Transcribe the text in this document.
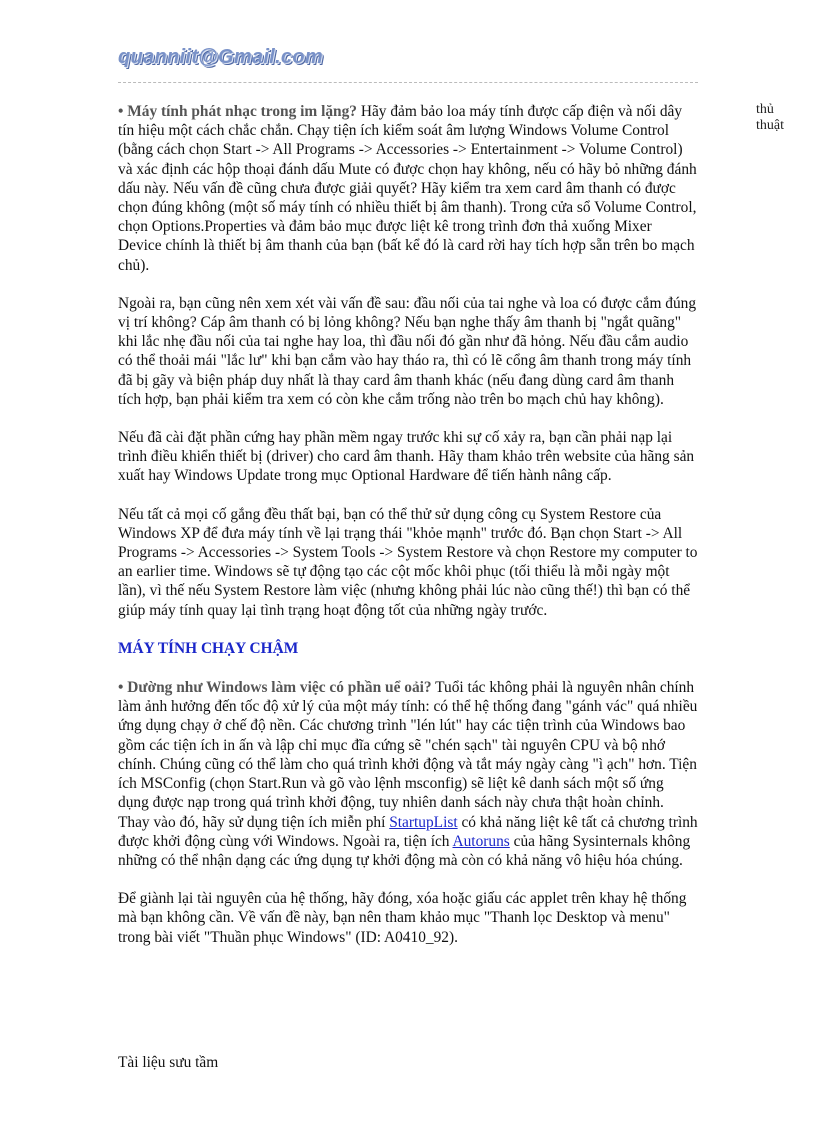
quanniit@Gmail.com
thủ thuật

• Máy tính phát nhạc trong im lặng? Hãy đảm bảo loa máy tính được cấp điện và nối dây tín hiệu một cách chắc chắn. Chạy tiện ích kiểm soát âm lượng Windows Volume Control (bằng cách chọn Start -> All Programs -> Accessories -> Entertainment -> Volume Control) và xác định các hộp thoại đánh dấu Mute có được chọn hay không, nếu có hãy bỏ những đánh dấu này. Nếu vấn đề cũng chưa được giải quyết? Hãy kiểm tra xem card âm thanh có được chọn đúng không (một số máy tính có nhiều thiết bị âm thanh). Trong cửa sổ Volume Control, chọn Options.Properties và đảm bảo mục được liệt kê trong trình đơn thả xuống Mixer Device chính là thiết bị âm thanh của bạn (bất kể đó là card rời hay tích hợp sẵn trên bo mạch chủ).

Ngoài ra, bạn cũng nên xem xét vài vấn đề sau: đầu nối của tai nghe và loa có được cắm đúng vị trí không? Cáp âm thanh có bị lỏng không? Nếu bạn nghe thấy âm thanh bị "ngắt quãng" khi lắc nhẹ đầu nối của tai nghe hay loa, thì đầu nối đó gần như đã hỏng. Nếu đầu cắm audio có thể thoải mái "lắc lư" khi bạn cắm vào hay tháo ra, thì có lẽ cổng âm thanh trong máy tính đã bị gãy và biện pháp duy nhất là thay card âm thanh khác (nếu đang dùng card âm thanh tích hợp, bạn phải kiểm tra xem có còn khe cắm trống nào trên bo mạch chủ hay không).

Nếu đã cài đặt phần cứng hay phần mềm ngay trước khi sự cố xảy ra, bạn cần phải nạp lại trình điều khiển thiết bị (driver) cho card âm thanh. Hãy tham khảo trên website của hãng sản xuất hay Windows Update trong mục Optional Hardware để tiến hành nâng cấp.

Nếu tất cả mọi cố gắng đều thất bại, bạn có thể thử sử dụng công cụ System Restore của Windows XP để đưa máy tính về lại trạng thái "khỏe mạnh" trước đó. Bạn chọn Start -> All Programs -> Accessories -> System Tools -> System Restore và chọn Restore my computer to an earlier time. Windows sẽ tự động tạo các cột mốc khôi phục (tối thiểu là mỗi ngày một lần), vì thế nếu System Restore làm việc (nhưng không phải lúc nào cũng thế!) thì bạn có thể giúp máy tính quay lại tình trạng hoạt động tốt của những ngày trước.

MÁY TÍNH CHẠY CHẬM

• Dường như Windows làm việc có phần uể oải? Tuổi tác không phải là nguyên nhân chính làm ảnh hưởng đến tốc độ xử lý của một máy tính: có thể hệ thống đang "gánh vác" quá nhiều ứng dụng chạy ở chế độ nền. Các chương trình "lén lút" hay các tiện trình của Windows bao gồm các tiện ích in ấn và lập chỉ mục đĩa cứng sẽ "chén sạch" tài nguyên CPU và bộ nhớ chính. Chúng cũng có thể làm cho quá trình khởi động và tắt máy ngày càng "ì ạch" hơn. Tiện ích MSConfig (chọn Start.Run và gõ vào lệnh msconfig) sẽ liệt kê danh sách một số ứng dụng được nạp trong quá trình khởi động, tuy nhiên danh sách này chưa thật hoàn chỉnh. Thay vào đó, hãy sử dụng tiện ích miễn phí StartupList có khả năng liệt kê tất cả chương trình được khởi động cùng với Windows. Ngoài ra, tiện ích Autoruns của hãng Sysinternals không những có thể nhận dạng các ứng dụng tự khởi động mà còn có khả năng vô hiệu hóa chúng.

Để giành lại tài nguyên của hệ thống, hãy đóng, xóa hoặc giấu các applet trên khay hệ thống mà bạn không cần. Về vấn đề này, bạn nên tham khảo mục "Thanh lọc Desktop và menu" trong bài viết "Thuần phục Windows" (ID: A0410_92).

Tài liệu sưu tầm
